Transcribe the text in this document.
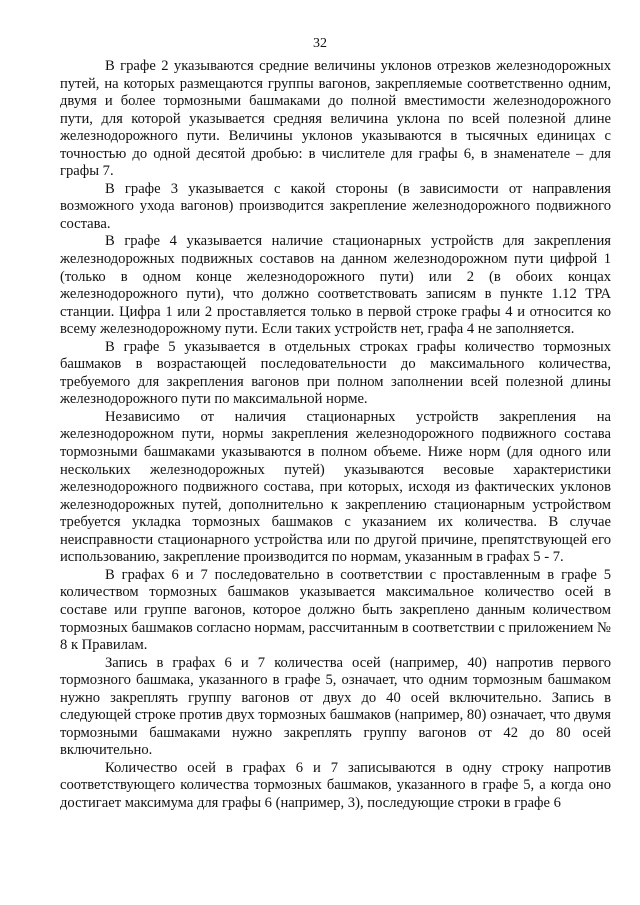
32

В графе 2 указываются средние величины уклонов отрезков железнодорожных путей, на которых размещаются группы вагонов, закрепляемые соответственно одним, двумя и более тормозными башмаками до полной вместимости железнодорожного пути, для которой указывается средняя величина уклона по всей полезной длине железнодорожного пути. Величины уклонов указываются в тысячных единицах с точностью до одной десятой дробью: в числителе для графы 6, в знаменателе – для графы 7.

В графе 3 указывается с какой стороны (в зависимости от направления возможного ухода вагонов) производится закрепление железнодорожного подвижного состава.

В графе 4 указывается наличие стационарных устройств для закрепления железнодорожных подвижных составов на данном железнодорожном пути цифрой 1 (только в одном конце железнодорожного пути) или 2 (в обоих концах железнодорожного пути), что должно соответствовать записям в пункте 1.12 ТРА станции. Цифра 1 или 2 проставляется только в первой строке графы 4 и относится ко всему железнодорожному пути. Если таких устройств нет, графа 4 не заполняется.

В графе 5 указывается в отдельных строках графы количество тормозных башмаков в возрастающей последовательности до максимального количества, требуемого для закрепления вагонов при полном заполнении всей полезной длины железнодорожного пути по максимальной норме.

Независимо от наличия стационарных устройств закрепления на железнодорожном пути, нормы закрепления железнодорожного подвижного состава тормозными башмаками указываются в полном объеме. Ниже норм (для одного или нескольких железнодорожных путей) указываются весовые характеристики железнодорожного подвижного состава, при которых, исходя из фактических уклонов железнодорожных путей, дополнительно к закреплению стационарным устройством требуется укладка тормозных башмаков с указанием их количества. В случае неисправности стационарного устройства или по другой причине, препятствующей его использованию, закрепление производится по нормам, указанным в графах 5 - 7.

В графах 6 и 7 последовательно в соответствии с проставленным в графе 5 количеством тормозных башмаков указывается максимальное количество осей в составе или группе вагонов, которое должно быть закреплено данным количеством тормозных башмаков согласно нормам, рассчитанным в соответствии с приложением № 8 к Правилам.

Запись в графах 6 и 7 количества осей (например, 40) напротив первого тормозного башмака, указанного в графе 5, означает, что одним тормозным башмаком нужно закреплять группу вагонов от двух до 40 осей включительно. Запись в следующей строке против двух тормозных башмаков (например, 80) означает, что двумя тормозными башмаками нужно закреплять группу вагонов от 42 до 80 осей включительно.

Количество осей в графах 6 и 7 записываются в одну строку напротив соответствующего количества тормозных башмаков, указанного в графе 5, а когда оно достигает максимума для графы 6 (например, 3), последующие строки в графе 6
